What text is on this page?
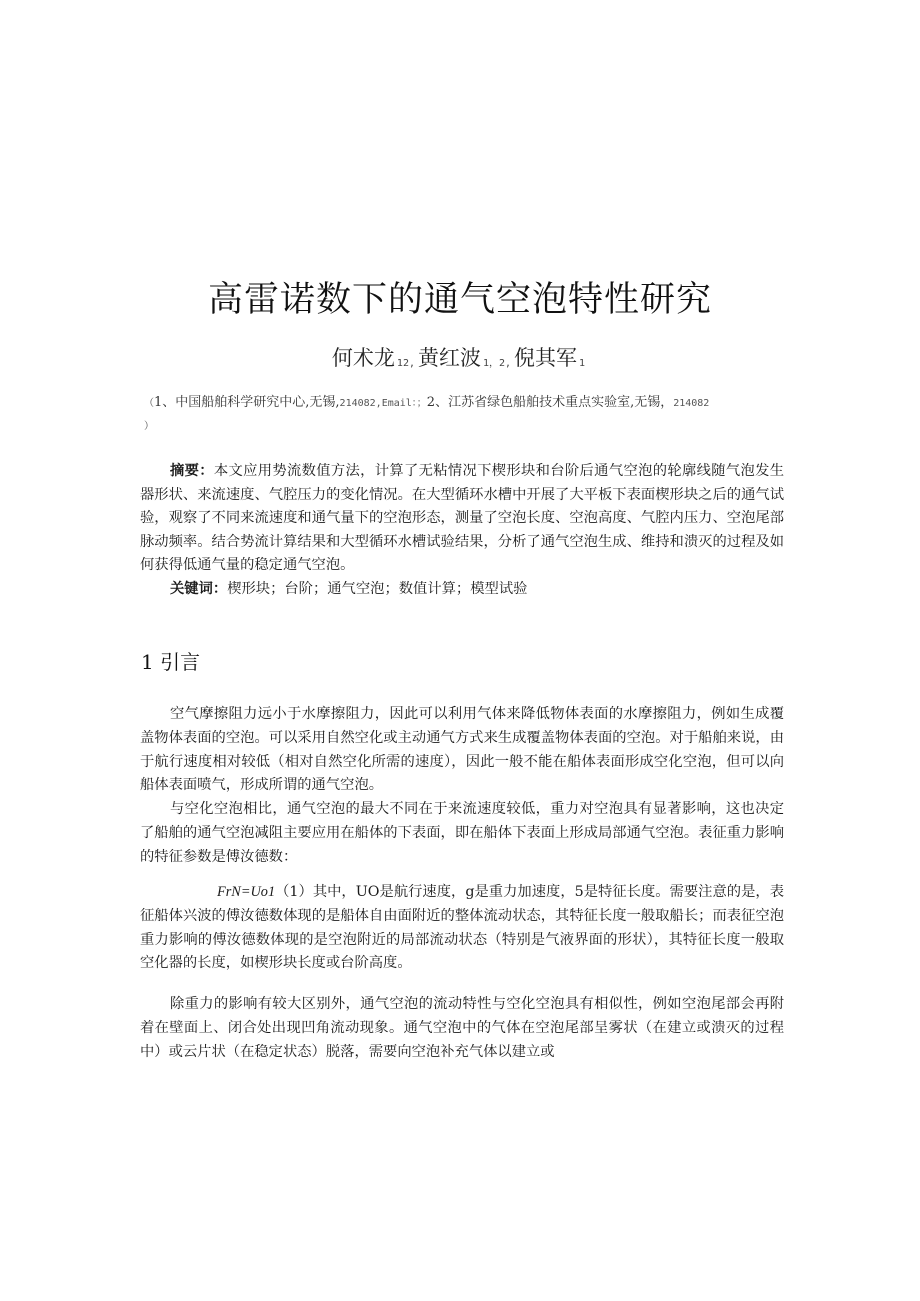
高雷诺数下的通气空泡特性研究
何术龙 $^{12,}$ 黄红波 $^{1,2,}$ 倪其军 $^1$
（1、中国船舶科学研究中心,无锡,214082,Email：；2、江苏省绿色船舶技术重点实验室,无锡，214082
）
摘要：本文应用势流数值方法，计算了无粘情况下楔形块和台阶后通气空泡的轮廓线随气泡发生器形状、来流速度、气腔压力的变化情况。在大型循环水槽中开展了大平板下表面楔形块之后的通气试验，观察了不同来流速度和通气量下的空泡形态，测量了空泡长度、空泡高度、气腔内压力、空泡尾部脉动频率。结合势流计算结果和大型循环水槽试验结果，分析了通气空泡生成、维持和溃灭的过程及如何获得低通气量的稳定通气空泡。
关键词：楔形块；台阶；通气空泡；数值计算；模型试验
1 引言

空气摩擦阻力远小于水摩擦阻力，因此可以利用气体来降低物体表面的水摩擦阻力，例如生成覆盖物体表面的空泡。可以采用自然空化或主动通气方式来生成覆盖物体表面的空泡。对于船舶来说，由于航行速度相对较低（相对自然空化所需的速度），因此一般不能在船体表面形成空化空泡，但可以向船体表面喷气，形成所谓的通气空泡。

与空化空泡相比，通气空泡的最大不同在于来流速度较低，重力对空泡具有显著影响，这也决定了船舶的通气空泡减阻主要应用在船体的下表面，即在船体下表面上形成局部通气空泡。表征重力影响的特征参数是傅汝德数：

FrN=Uo1（1）其中，UO是航行速度，g是重力加速度，5是特征长度。需要注意的是，表征船体兴波的傅汝德数体现的是船体自由面附近的整体流动状态，其特征长度一般取船长；而表征空泡重力影响的傅汝德数体现的是空泡附近的局部流动状态（特别是气液界面的形状），其特征长度一般取空化器的长度，如楔形块长度或台阶高度。

除重力的影响有较大区别外，通气空泡的流动特性与空化空泡具有相似性，例如空泡尾部会再附着在壁面上、闭合处出现凹角流动现象。通气空泡中的气体在空泡尾部呈雾状（在建立或溃灭的过程中）或云片状（在稳定状态）脱落，需要向空泡补充气体以建立或
